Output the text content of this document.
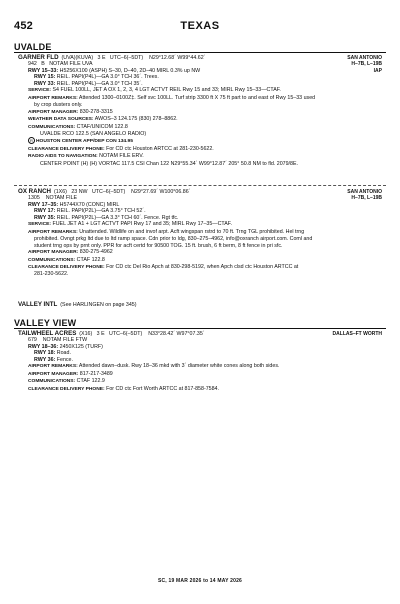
452	TEXAS
UVALDE
GARNER FLD (UVA)(KUVA) 3 E UTC–6(–5DT) N29°12.68´ W99°44.62´	SAN ANTONIO
H–7B, L–19B
IAP
942 B NOTAM FILE UVA
RWY 15–33: H5256X100 (ASPH) S–30, D–40, 2D–40 MIRL 0.3% up NW
RWY 15: REIL. PAPI(P4L)—GA 3.0° TCH 36´. Trees.
RWY 33: REIL. PAPI(P4L)—GA 3.0° TCH 35´.
SERVICE: S4 FUEL 100LL, JET A OX 1, 2, 3, 4 LGT ACTVT REIL Rwy 15 and 33; MIRL Rwy 15–33—CTAF.
AIRPORT REMARKS: Attended 1300–0100Z‡. Self svc 100LL. Turf strip 3300 ft X 75 ft part to and east of Rwy 15–33 used
by crop dusters only.
AIRPORT MANAGER: 830-278-3315
WEATHER DATA SOURCES: AWOS–3 124.175 (830) 278–8862.
COMMUNICATIONS: CTAF/UNICOM 122.8
UVALDE RCO 122.5 (SAN ANGELO RADIO)
R HOUSTON CENTER APP/DEP CON 134.95
CLEARANCE DELIVERY PHONE: For CD ctc Houston ARTCC at 281-230-5622.
RADIO AIDS TO NAVIGATION: NOTAM FILE ERV.
CENTER POINT (H) (H) VORTAC 117.5 CSI Chan 122 N29°55.34´ W99°12.87´ 205° 50.8 NM to fld. 2079/8E.
OX RANCH (1X6) 23 NW UTC–6(–5DT) N29°27.69´ W100°06.86´	SAN ANTONIO
H–7B, L–19B
1305 NOTAM FILE
RWY 17–35: H5744X70 (CONC) MIRL
RWY 17: REIL. PAPI(P2L)—GA 3.75° TCH 52´.
RWY 35: REIL. PAPI(P2L)—GA 3.3° TCH 60´. Fence. Rgt tfc.
SERVICE: FUEL JET A1 + LGT ACTVT PAPI Rwy 17 and 35; MIRL Rwy 17–35—CTAF.
AIRPORT REMARKS: Unattended. Wildlife on and invof arpt. Acft wingspan rstrd to 70 ft. Trng TGL prohibited. Hel trng
prohibited. Ovngt prkg ltd due to ltd ramp space. Cdn prior to ldg, 830–275–4962, info@oxranch airport.com. Coml and
student trng ops by prnt only. PPR for acft certd for 90500 TOG. 15 ft. brush, 6 ft berm, 8 ft fence in pri sfc.
AIRPORT MANAGER: 830-275-4962
COMMUNICATIONS: CTAF 122.8
CLEARANCE DELIVERY PHONE: For CD ctc Del Rio Apch at 830-298-5192, when Apch clsd ctc Houston ARTCC at
281-230-5622.
VALLEY INTL (See HARLINGEN on page 345)
VALLEY VIEW
TAILWHEEL ACRES (X16) 3 E UTC–6(–5DT) N33°28.42´ W97°07.35´	DALLAS–FT WORTH
679 NOTAM FILE FTW
RWY 18–36: 2450X125 (TURF)
RWY 18: Road.
RWY 36: Fence.
AIRPORT REMARKS: Attended dawn–dusk. Rwy 18–36 mkd with 3´ diameter white cones along both sides.
AIRPORT MANAGER: 817-217-3489
COMMUNICATIONS: CTAF 122.9
CLEARANCE DELIVERY PHONE: For CD ctc Fort Worth ARTCC at 817-858-7584.
SC, 19 MAR 2026 to 14 MAY 2026
